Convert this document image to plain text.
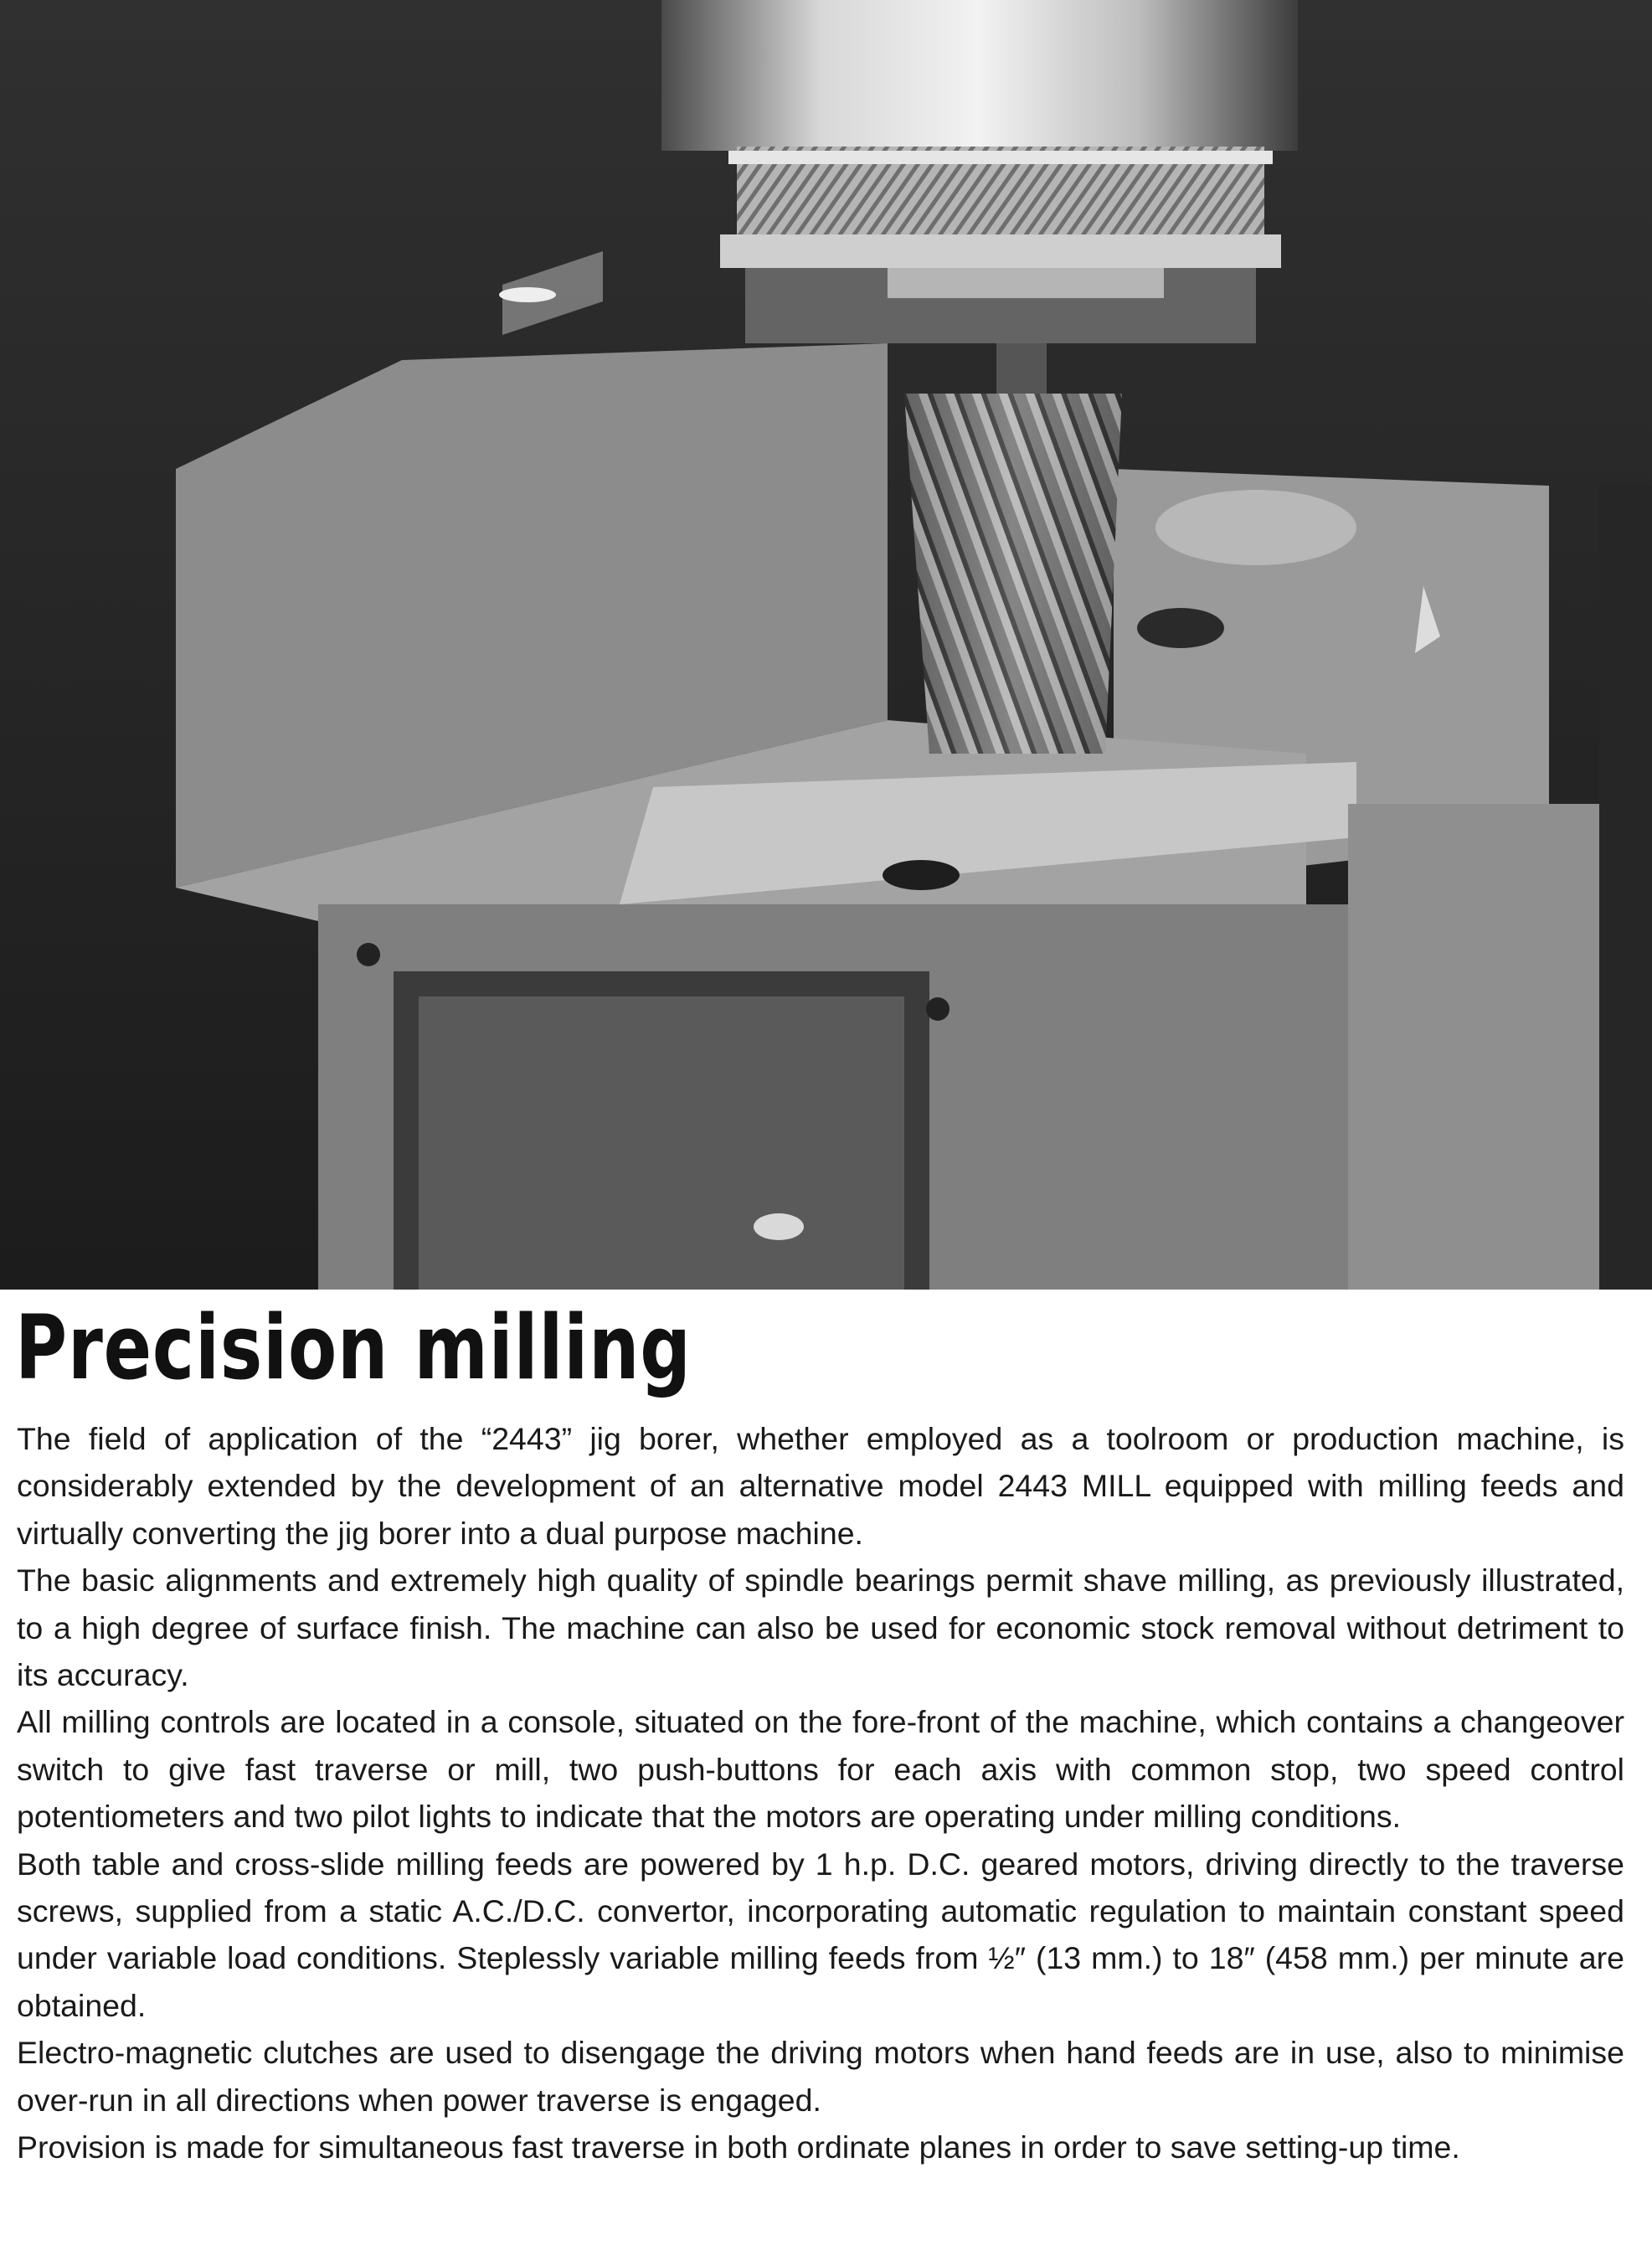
Precision milling

The field of application of the “2443” jig borer, whether employed as a toolroom or production machine, is considerably extended by the development of an alternative model 2443 MILL equipped with milling feeds and virtually converting the jig borer into a dual purpose machine.

The basic alignments and extremely high quality of spindle bearings permit shave milling, as previously illustrated, to a high degree of surface finish. The machine can also be used for economic stock removal without detriment to its accuracy.

All milling controls are located in a console, situated on the fore-front of the machine, which contains a changeover switch to give fast traverse or mill, two push-buttons for each axis with common stop, two speed control potentiometers and two pilot lights to indicate that the motors are operating under milling conditions.

Both table and cross-slide milling feeds are powered by 1 h.p. D.C. geared motors, driving directly to the traverse screws, supplied from a static A.C./D.C. convertor, incorporating automatic regulation to maintain constant speed under variable load conditions. Steplessly variable milling feeds from ½″ (13 mm.) to 18″ (458 mm.) per minute are obtained.

Electro-magnetic clutches are used to disengage the driving motors when hand feeds are in use, also to minimise over-run in all directions when power traverse is engaged.

Provision is made for simultaneous fast traverse in both ordinate planes in order to save setting-up time.
